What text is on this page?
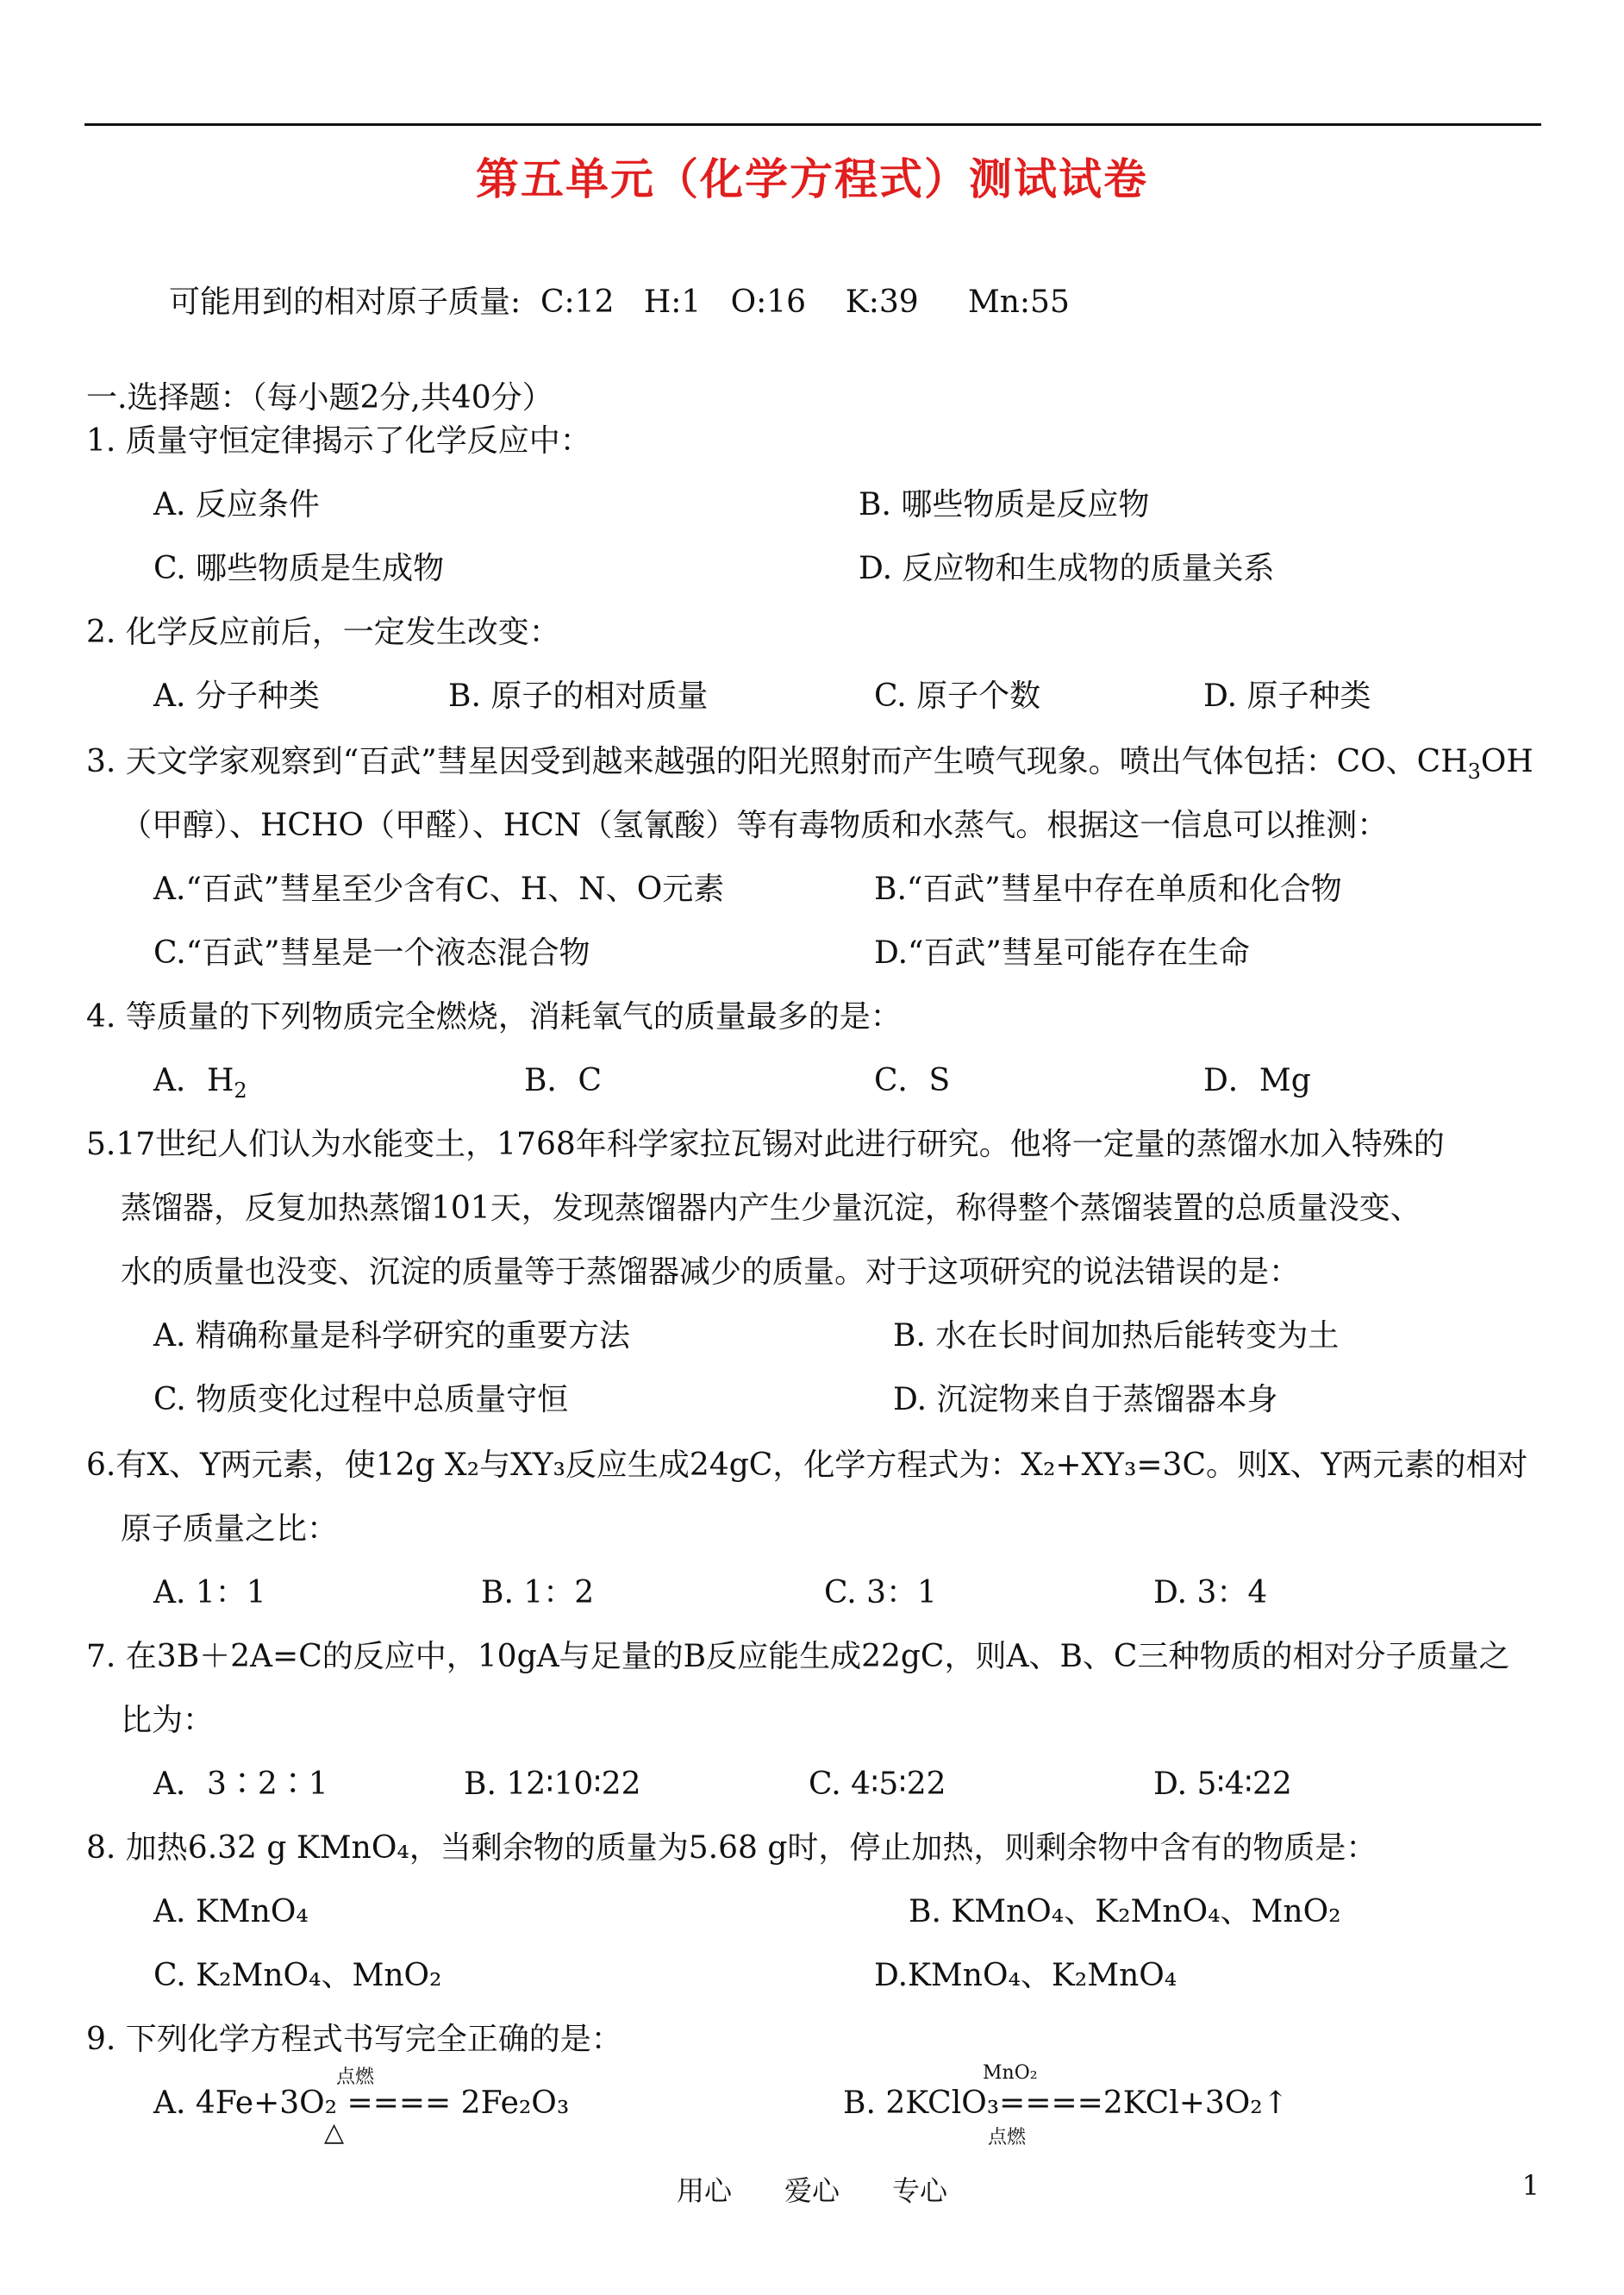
第五单元（化学方程式）测试试卷
可能用到的相对原子质量:  C:12   H:1   O:16    K:39     Mn:55
一.选择题：（每小题2分,共40分）
1. 质量守恒定律揭示了化学反应中：
A. 反应条件	B. 哪些物质是反应物
C. 哪些物质是生成物	D. 反应物和生成物的质量关系
2. 化学反应前后，一定发生改变：
A. 分子种类	B. 原子的相对质量	C. 原子个数	D. 原子种类
3. 天文学家观察到“百武”彗星因受到越来越强的阳光照射而产生喷气现象。喷出气体包括：CO、$CH_3OH$
（甲醇）、HCHO（甲醛）、HCN（氢氰酸）等有毒物质和水蒸气。根据这一信息可以推测：
A.“百武”彗星至少含有C、H、N、O元素	B.“百武”彗星中存在单质和化合物
C.“百武”彗星是一个液态混合物	D.“百武”彗星可能存在生命
4. 等质量的下列物质完全燃烧，消耗氧气的质量最多的是：
A．$H_2$	B．C	C．S	D．Mg
5.17世纪人们认为水能变土，1768年科学家拉瓦锡对此进行研究。他将一定量的蒸馏水加入特殊的
蒸馏器，反复加热蒸馏101天，发现蒸馏器内产生少量沉淀，称得整个蒸馏装置的总质量没变、
水的质量也没变、沉淀的质量等于蒸馏器减少的质量。对于这项研究的说法错误的是：
A. 精确称量是科学研究的重要方法	B. 水在长时间加热后能转变为土
C. 物质变化过程中总质量守恒	D. 沉淀物来自于蒸馏器本身
6.有X、Y两元素，使12g X₂与XY₃反应生成24gC，化学方程式为：X₂+XY₃=3C。则X、Y两元素的相对
原子质量之比：
A. 1：1	B. 1：2	C. 3：1	D. 3：4
7. 在3B＋2A=C的反应中，10gA与足量的B反应能生成22gC，则A、B、C三种物质的相对分子质量之
比为：
A．3∶2∶1	B. 12∶10∶22	C. 4∶5∶22	D. 5∶4∶22
8. 加热6.32 g KMnO₄，当剩余物的质量为5.68 g时，停止加热，则剩余物中含有的物质是：
A. KMnO₄	B. KMnO₄、K₂MnO₄、MnO₂
C. K₂MnO₄、MnO₂	D.KMnO₄、K₂MnO₄
9. 下列化学方程式书写完全正确的是：
点燃
A. 4Fe+3O₂ ==== 2Fe₂O₃
△
MnO₂
B. 2KClO₃====2KCl+3O₂↑
点燃
用心      爱心      专心	1
